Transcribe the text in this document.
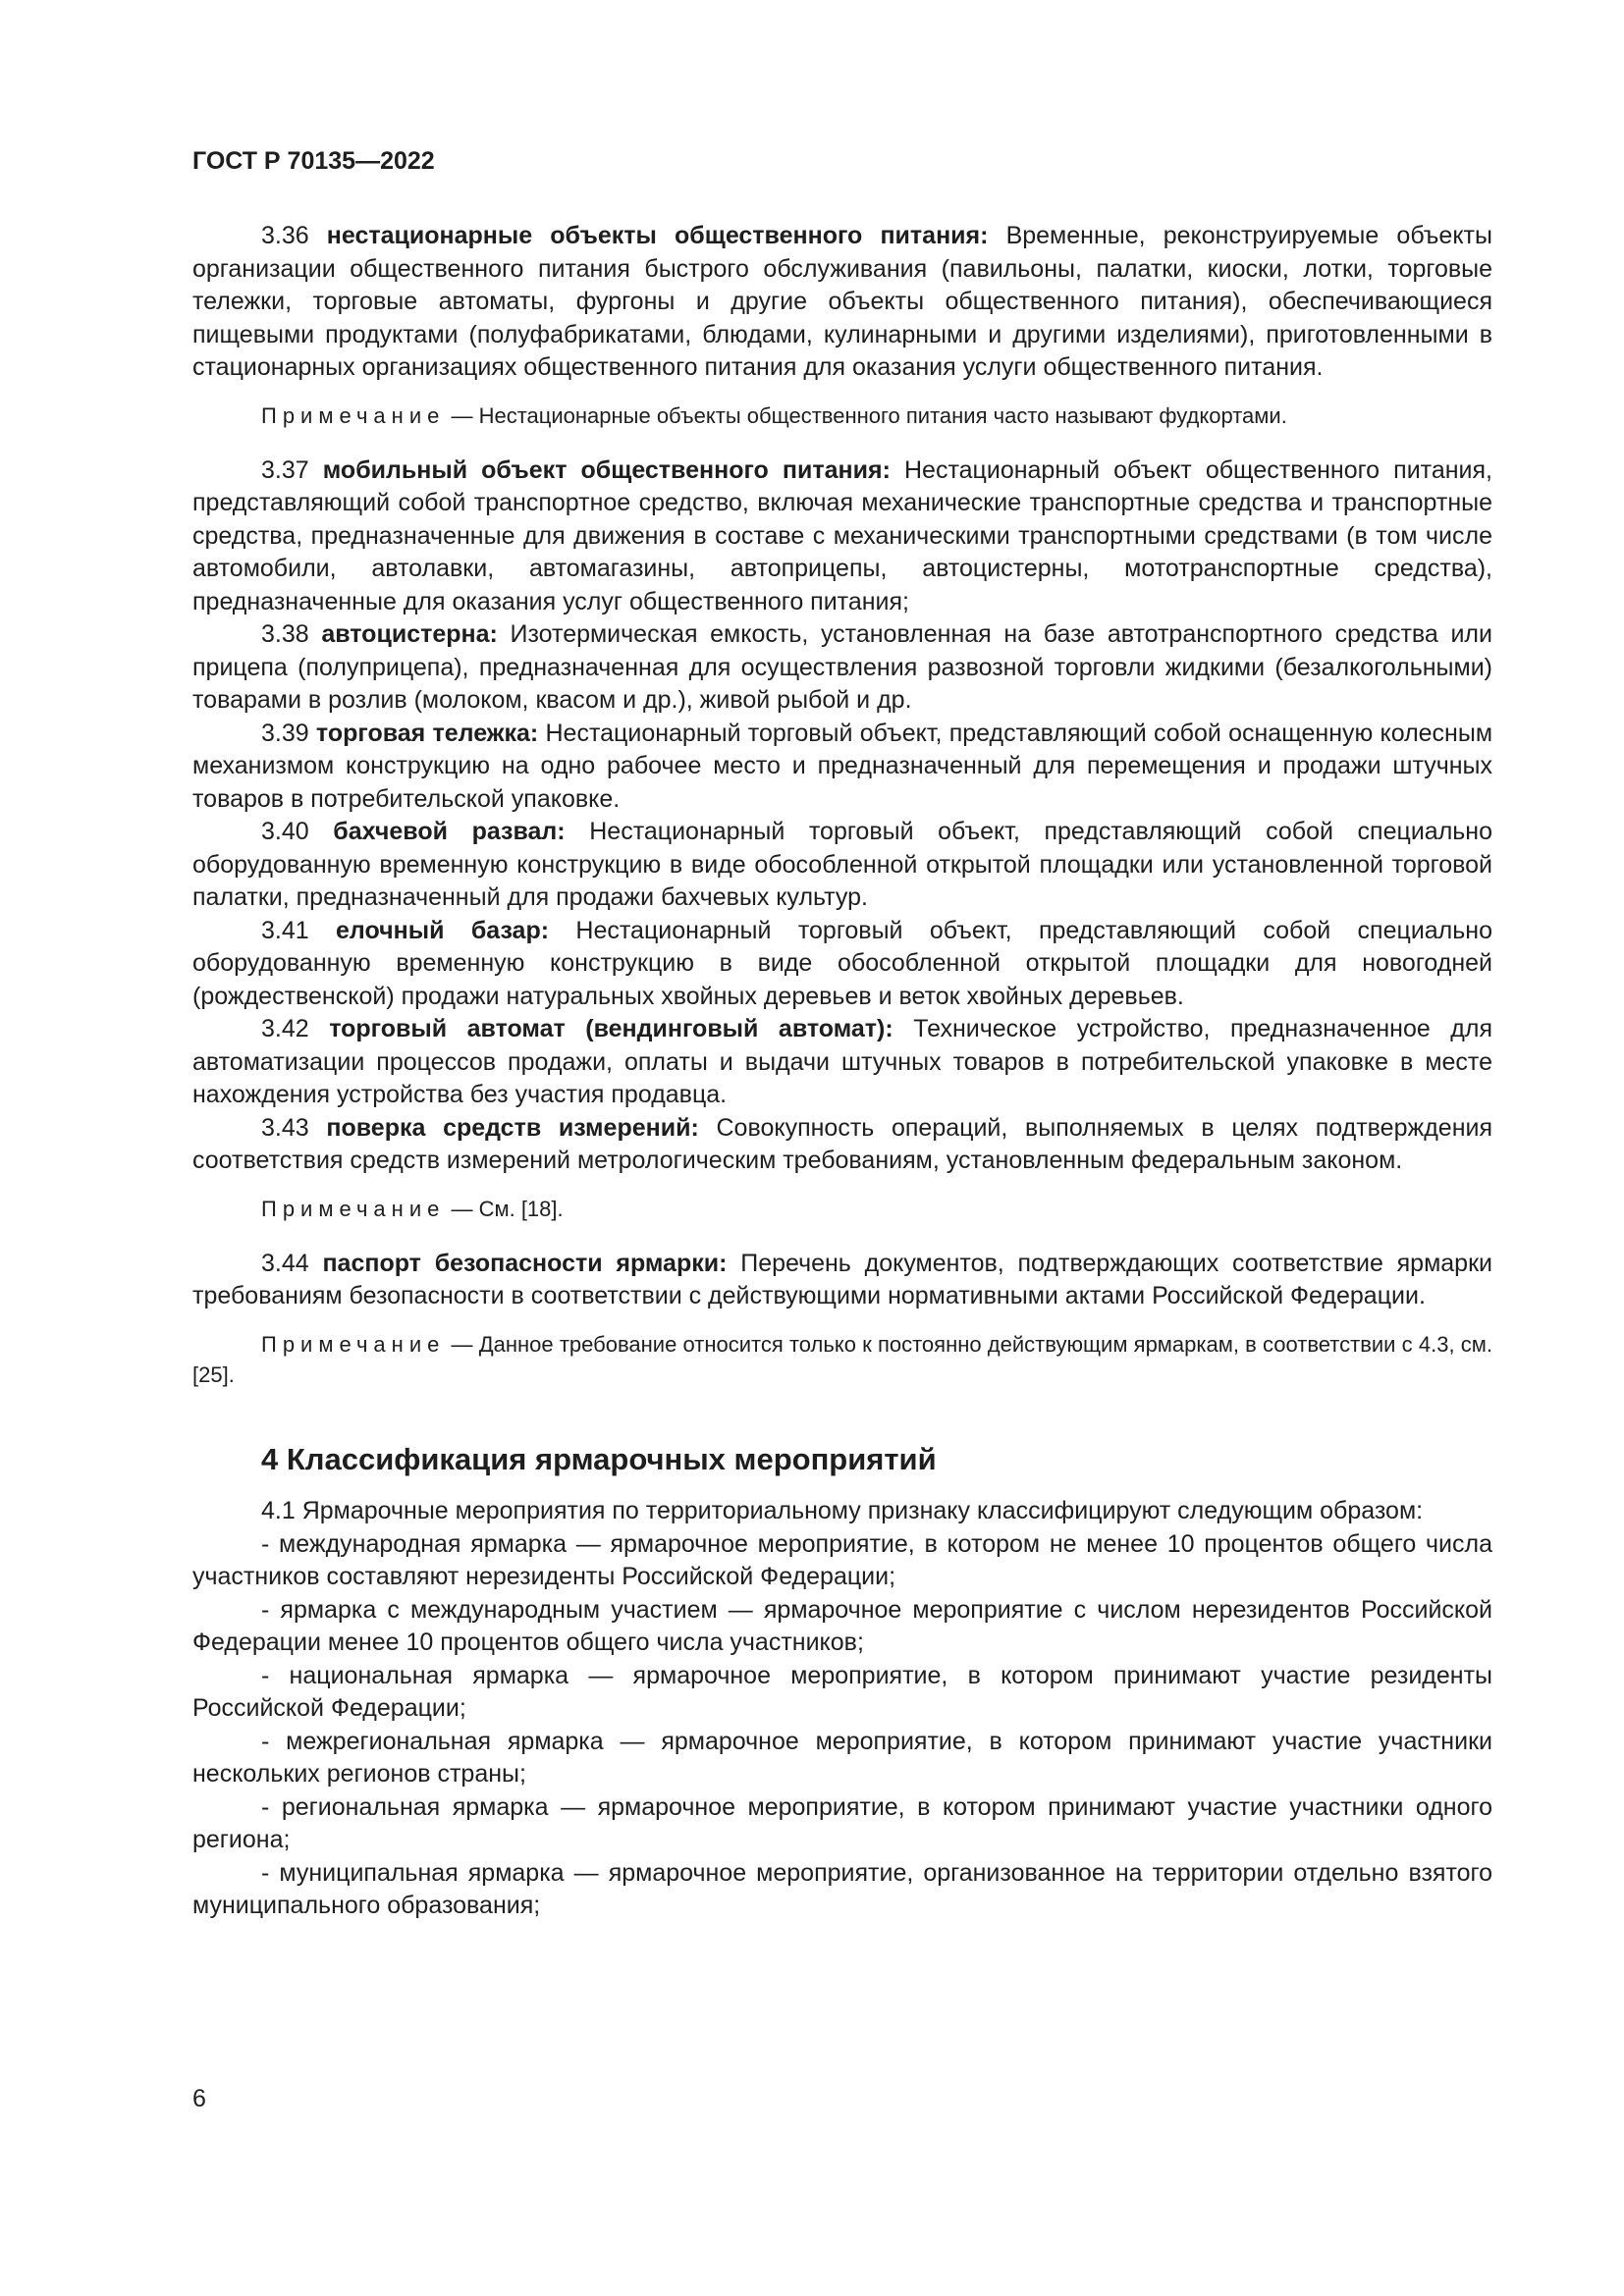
ГОСТ Р 70135—2022

3.36 нестационарные объекты общественного питания: Временные, реконструируемые объекты организации общественного питания быстрого обслуживания (павильоны, палатки, киоски, лотки, торговые тележки, торговые автоматы, фургоны и другие объекты общественного питания), обеспечивающиеся пищевыми продуктами (полуфабрикатами, блюдами, кулинарными и другими изделиями), приготовленными в стационарных организациях общественного питания для оказания услуги общественного питания.

Примечание — Нестационарные объекты общественного питания часто называют фудкортами.

3.37 мобильный объект общественного питания: Нестационарный объект общественного питания, представляющий собой транспортное средство, включая механические транспортные средства и транспортные средства, предназначенные для движения в составе с механическими транспортными средствами (в том числе автомобили, автолавки, автомагазины, автоприцепы, автоцистерны, мототранспортные средства), предназначенные для оказания услуг общественного питания;

3.38 автоцистерна: Изотермическая емкость, установленная на базе автотранспортного средства или прицепа (полуприцепа), предназначенная для осуществления развозной торговли жидкими (безалкогольными) товарами в розлив (молоком, квасом и др.), живой рыбой и др.

3.39 торговая тележка: Нестационарный торговый объект, представляющий собой оснащенную колесным механизмом конструкцию на одно рабочее место и предназначенный для перемещения и продажи штучных товаров в потребительской упаковке.

3.40 бахчевой развал: Нестационарный торговый объект, представляющий собой специально оборудованную временную конструкцию в виде обособленной открытой площадки или установленной торговой палатки, предназначенный для продажи бахчевых культур.

3.41 елочный базар: Нестационарный торговый объект, представляющий собой специально оборудованную временную конструкцию в виде обособленной открытой площадки для новогодней (рождественской) продажи натуральных хвойных деревьев и веток хвойных деревьев.

3.42 торговый автомат (вендинговый автомат): Техническое устройство, предназначенное для автоматизации процессов продажи, оплаты и выдачи штучных товаров в потребительской упаковке в месте нахождения устройства без участия продавца.

3.43 поверка средств измерений: Совокупность операций, выполняемых в целях подтверждения соответствия средств измерений метрологическим требованиям, установленным федеральным законом.

Примечание — См. [18].

3.44 паспорт безопасности ярмарки: Перечень документов, подтверждающих соответствие ярмарки требованиям безопасности в соответствии с действующими нормативными актами Российской Федерации.

Примечание — Данное требование относится только к постоянно действующим ярмаркам, в соответствии с 4.3, см. [25].

4 Классификация ярмарочных мероприятий

4.1 Ярмарочные мероприятия по территориальному признаку классифицируют следующим образом:

- международная ярмарка — ярмарочное мероприятие, в котором не менее 10 процентов общего числа участников составляют нерезиденты Российской Федерации;

- ярмарка с международным участием — ярмарочное мероприятие с числом нерезидентов Российской Федерации менее 10 процентов общего числа участников;

- национальная ярмарка — ярмарочное мероприятие, в котором принимают участие резиденты Российской Федерации;

- межрегиональная ярмарка — ярмарочное мероприятие, в котором принимают участие участники нескольких регионов страны;

- региональная ярмарка — ярмарочное мероприятие, в котором принимают участие участники одного региона;

- муниципальная ярмарка — ярмарочное мероприятие, организованное на территории отдельно взятого муниципального образования;

6
